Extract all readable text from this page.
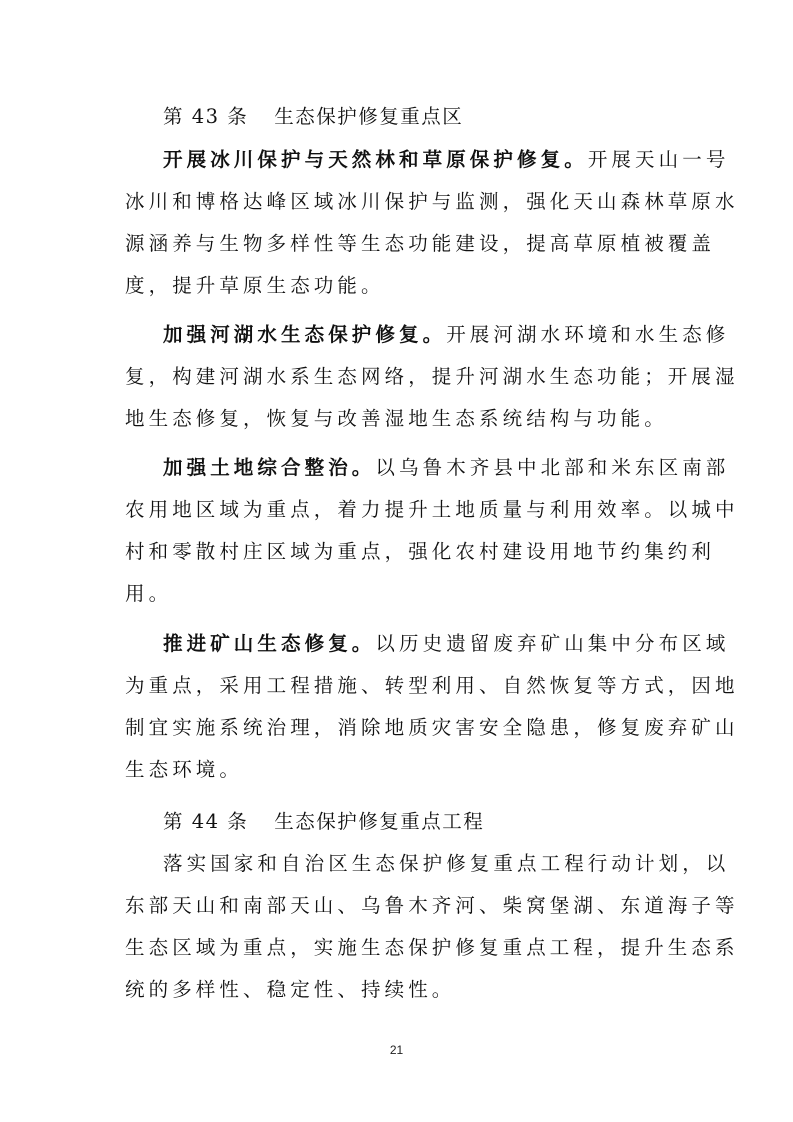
第 43 条 生态保护修复重点区
开展冰川保护与天然林和草原保护修复。开展天山一号
冰川和博格达峰区域冰川保护与监测，强化天山森林草原水
源涵养与生物多样性等生态功能建设，提高草原植被覆盖
度，提升草原生态功能。
加强河湖水生态保护修复。开展河湖水环境和水生态修
复，构建河湖水系生态网络，提升河湖水生态功能；开展湿
地生态修复，恢复与改善湿地生态系统结构与功能。
加强土地综合整治。以乌鲁木齐县中北部和米东区南部
农用地区域为重点，着力提升土地质量与利用效率。以城中
村和零散村庄区域为重点，强化农村建设用地节约集约利
用。
推进矿山生态修复。以历史遗留废弃矿山集中分布区域
为重点，采用工程措施、转型利用、自然恢复等方式，因地
制宜实施系统治理，消除地质灾害安全隐患，修复废弃矿山
生态环境。
第 44 条 生态保护修复重点工程
落实国家和自治区生态保护修复重点工程行动计划，以
东部天山和南部天山、乌鲁木齐河、柴窝堡湖、东道海子等
生态区域为重点，实施生态保护修复重点工程，提升生态系
统的多样性、稳定性、持续性。
21
